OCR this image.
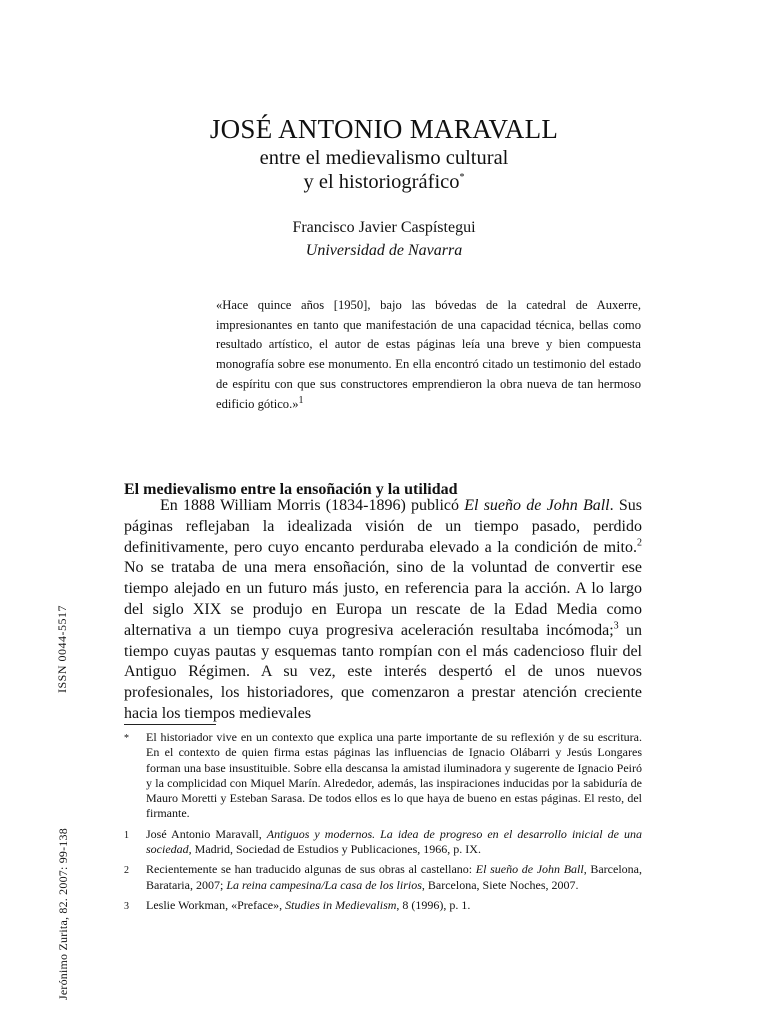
JOSÉ ANTONIO MARAVALL
entre el medievalismo cultural
y el historiográfico*
Francisco Javier Caspístegui
Universidad de Navarra
«Hace quince años [1950], bajo las bóvedas de la catedral de Auxerre, impresionantes en tanto que manifestación de una capacidad técnica, bellas como resultado artístico, el autor de estas páginas leía una breve y bien compuesta monografía sobre ese monumento. En ella encontró citado un testimonio del estado de espíritu con que sus constructores emprendieron la obra nueva de tan hermoso edificio gótico.»$^1$
El medievalismo entre la ensoñación y la utilidad

En 1888 William Morris (1834-1896) publicó El sueño de John Ball. Sus páginas reflejaban la idealizada visión de un tiempo pasado, perdido definitivamente, pero cuyo encanto perduraba elevado a la condición de mito.$^2$ No se trataba de una mera ensoñación, sino de la voluntad de convertir ese tiempo alejado en un futuro más justo, en referencia para la acción. A lo largo del siglo XIX se produjo en Europa un rescate de la Edad Media como alternativa a un tiempo cuya progresiva aceleración resultaba incómoda;$^3$ un tiempo cuyas pautas y esquemas tanto rompían con el más cadencioso fluir del Antiguo Régimen. A su vez, este interés despertó el de unos nuevos profesionales, los historiadores, que comenzaron a prestar atención creciente hacia los tiempos medievales

*	El historiador vive en un contexto que explica una parte importante de su reflexión y de su escritura. En el contexto de quien firma estas páginas las influencias de Ignacio Olábarri y Jesús Longares forman una base insustituible. Sobre ella descansa la amistad iluminadora y sugerente de Ignacio Peiró y la complicidad con Miquel Marín. Alrededor, además, las inspiraciones inducidas por la sabiduría de Mauro Moretti y Esteban Sarasa. De todos ellos es lo que haya de bueno en estas páginas. El resto, del firmante.
1	José Antonio Maravall, Antiguos y modernos. La idea de progreso en el desarrollo inicial de una sociedad, Madrid, Sociedad de Estudios y Publicaciones, 1966, p. IX.
2	Recientemente se han traducido algunas de sus obras al castellano: El sueño de John Ball, Barcelona, Barataria, 2007; La reina campesina/La casa de los lirios, Barcelona, Siete Noches, 2007.
3	Leslie Workman, «Preface», Studies in Medievalism, 8 (1996), p. 1.
ISSN 0044-5517
Jerónimo Zurita, 82. 2007: 99-138
